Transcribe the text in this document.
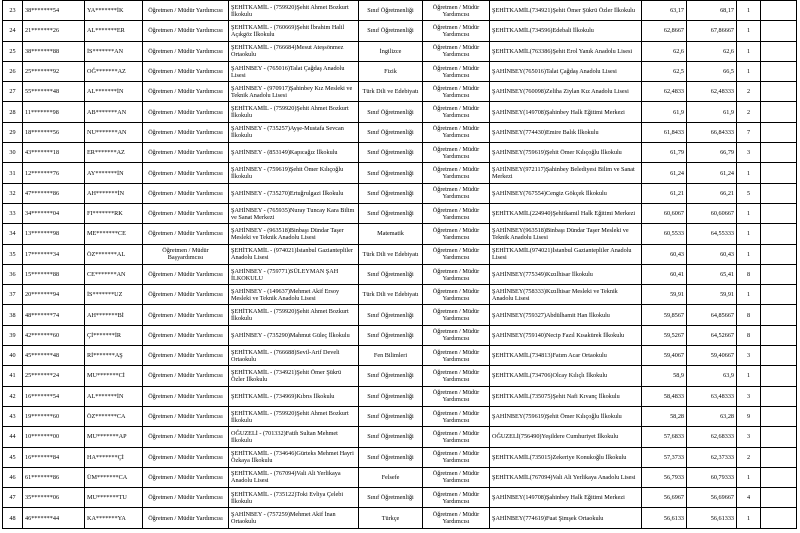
23	38*******54	YA*******İK	Öğretmen / Müdür Yardımcısı	ŞEHİTKAMİL - (759920)Şehit Ahmet Bozkurt İlkokulu	Sınıf Öğretmenliği	Öğretmen / Müdür Yardımcısı	ŞEHİTKAMİL(734921)Şehit Ömer Şükrü Özler İlkokulu	63,17	68,17	1	
24	21*******26	AL*******ER	Öğretmen / Müdür Yardımcısı	ŞEHİTKAMİL - (760669)Şehit İbrahim Halil Açıkgöz İlkokulu	Sınıf Öğretmenliği	Öğretmen / Müdür Yardımcısı	ŞEHİTKAMİL(734596)Edebali İlkokulu	62,8667	67,86667	1	
25	38*******88	İS*******AN	Öğretmen / Müdür Yardımcısı	ŞEHİTKAMİL - (766684)Mesut Ateşsönmez Ortaokulu	İngilizce	Öğretmen / Müdür Yardımcısı	ŞEHİTKAMİL(763386)Şehit Erol Yanık Anadolu Lisesi	62,6	62,6	1	
26	25*******92	OĞ*******AZ	Öğretmen / Müdür Yardımcısı	ŞAHİNBEY - (765016)Talat Çağdaş Anadolu Lisesi	Fizik	Öğretmen / Müdür Yardımcısı	ŞAHİNBEY(765016)Talat Çağdaş Anadolu Lisesi	62,5	66,5	1	
27	55*******48	AL*******İN	Öğretmen / Müdür Yardımcısı	ŞAHİNBEY - (970917)Şahinbey Kız Mesleki ve Teknik Anadolu Lisesi	Türk Dili ve Edebiyatı	Öğretmen / Müdür Yardımcısı	ŞAHİNBEY(760098)Zeliha Ziylan Kız Anadolu Lisesi	62,4833	62,48333	2	
28	11*******98	AB*******AN	Öğretmen / Müdür Yardımcısı	ŞEHİTKAMİL - (759920)Şehit Ahmet Bozkurt İlkokulu	Sınıf Öğretmenliği	Öğretmen / Müdür Yardımcısı	ŞAHİNBEY(149708)Şahinbey Halk Eğitimi Merkezi	61,9	61,9	2	
29	18*******56	NU*******AN	Öğretmen / Müdür Yardımcısı	ŞAHİNBEY - (735257)Ayşe-Mustafa Sevcan İlkokulu	Sınıf Öğretmenliği	Öğretmen / Müdür Yardımcısı	ŞAHİNBEY(774430)Emire Balık İlkokulu	61,8433	66,84333	7	
30	43*******18	ER*******AZ	Öğretmen / Müdür Yardımcısı	ŞAHİNBEY - (853149)Kapıcağız İlkokulu	Sınıf Öğretmenliği	Öğretmen / Müdür Yardımcısı	ŞAHİNBEY(759619)Şehit Ömer Kılıçoğlu İlkokulu	61,79	66,79	3	
31	12*******76	AY*******İN	Öğretmen / Müdür Yardımcısı	ŞAHİNBEY - (759619)Şehit Ömer Kılıçoğlu İlkokulu	Sınıf Öğretmenliği	Öğretmen / Müdür Yardımcısı	ŞAHİNBEY(972117)Şahinbey Belediyesi Bilim ve Sanat Merkezi	61,24	61,24	1	
32	47*******86	AH*******İN	Öğretmen / Müdür Yardımcısı	ŞAHİNBEY - (735270)Ertuğrulgazi İlkokulu	Sınıf Öğretmenliği	Öğretmen / Müdür Yardımcısı	ŞAHİNBEY(767554)Cengiz Gökçek İlkokulu	61,21	66,21	5	
33	34*******04	FI*******RK	Öğretmen / Müdür Yardımcısı	ŞAHİNBEY - (765935)Nuray Tuncay Kara Bilim ve Sanat Merkezi	Sınıf Öğretmenliği	Öğretmen / Müdür Yardımcısı	ŞEHİTKAMİL(224940)Şehitkamil Halk Eğitimi Merkezi	60,6067	60,60667	1	
34	13*******98	ME*******CE	Öğretmen / Müdür Yardımcısı	ŞAHİNBEY - (963518)Binbaşı Dündar Taşer Mesleki ve Teknik Anadolu Lisesi	Matematik	Öğretmen / Müdür Yardımcısı	ŞAHİNBEY(963518)Binbaşı Dündar Taşer Mesleki ve Teknik Anadolu Lisesi	60,5533	64,55333	1	
35	17*******34	ÖZ*******AL	Öğretmen / Müdür Başyardımcısı	ŞEHİTKAMİL - (974021)İstanbul Gaziantepliler Anadolu Lisesi	Türk Dili ve Edebiyatı	Öğretmen / Müdür Yardımcısı	ŞEHİTKAMİL(974021)İstanbul Gaziantepliler Anadolu Lisesi	60,43	60,43	1	
36	15*******88	CE*******AN	Öğretmen / Müdür Yardımcısı	ŞAHİNBEY - (759771)SÜLEYMAN ŞAH İLKOKULU	Sınıf Öğretmenliği	Öğretmen / Müdür Yardımcısı	ŞAHİNBEY(775349)Kızılhisar İlkokulu	60,41	65,41	8	
37	20*******94	İS*******UZ	Öğretmen / Müdür Yardımcısı	ŞAHİNBEY - (149637)Mehmet Akif Ersoy Mesleki ve Teknik Anadolu Lisesi	Türk Dili ve Edebiyatı	Öğretmen / Müdür Yardımcısı	ŞAHİNBEY(758333)Kızılhisar Mesleki ve Teknik Anadolu Lisesi	59,91	59,91	1	
38	48*******74	AH*******Bİ	Öğretmen / Müdür Yardımcısı	ŞEHİTKAMİL - (759920)Şehit Ahmet Bozkurt İlkokulu	Sınıf Öğretmenliği	Öğretmen / Müdür Yardımcısı	ŞAHİNBEY(759327)Abdülhamit Han İlkokulu	59,8567	64,85667	8	
39	42*******60	Çİ*******İR	Öğretmen / Müdür Yardımcısı	ŞAHİNBEY - (735290)Mahmut Güleç İlkokulu	Sınıf Öğretmenliği	Öğretmen / Müdür Yardımcısı	ŞAHİNBEY(759140)Necip Fazıl Kısakürek İlkokulu	59,5267	64,52667	8	
40	45*******48	Rİ*******AŞ	Öğretmen / Müdür Yardımcısı	ŞEHİTKAMİL - (766688)Sevil-Arif Develi Ortaokulu	Fen Bilimleri	Öğretmen / Müdür Yardımcısı	ŞEHİTKAMİL(734813)Fatım Acar Ortaokulu	59,4067	59,40667	3	
41	25*******24	MU*******Cİ	Öğretmen / Müdür Yardımcısı	ŞEHİTKAMİL - (734921)Şehit Ömer Şükrü Özler İlkokulu	Sınıf Öğretmenliği	Öğretmen / Müdür Yardımcısı	ŞEHİTKAMİL(734706)Olcay Kılıçlı İlkokulu	58,9	63,9	1	
42	16*******54	AL*******İN	Öğretmen / Müdür Yardımcısı	ŞEHİTKAMİL - (734969)Kıbrıs İlkokulu	Sınıf Öğretmenliği	Öğretmen / Müdür Yardımcısı	ŞEHİTKAMİL(735075)Şehit Nafi Kıvanç İlkokulu	58,4833	63,48333	3	
43	19*******60	ÖZ*******CA	Öğretmen / Müdür Yardımcısı	ŞEHİTKAMİL - (759920)Şehit Ahmet Bozkurt İlkokulu	Sınıf Öğretmenliği	Öğretmen / Müdür Yardımcısı	ŞAHİNBEY(759619)Şehit Ömer Kılıçoğlu İlkokulu	58,28	63,28	9	
44	10*******00	MU*******AP	Öğretmen / Müdür Yardımcısı	OĞUZELİ - (701332)Fatih Sultan Mehmet İlkokulu	Sınıf Öğretmenliği	Öğretmen / Müdür Yardımcısı	OĞUZELİ(756490)Yeşildere Cumhuriyet İlkokulu	57,6833	62,68333	3	
45	16*******84	HA*******Çİ	Öğretmen / Müdür Yardımcısı	ŞEHİTKAMİL - (734646)Gürteks Mehmet Hayri Özkaya İlkokulu	Sınıf Öğretmenliği	Öğretmen / Müdür Yardımcısı	ŞEHİTKAMİL(735015)Zekeriye Konukoğlu İlkokulu	57,3733	62,37333	2	
46	61*******86	ÜM*******CA	Öğretmen / Müdür Yardımcısı	ŞEHİTKAMİL - (767094)Vali Ali Yerlikaya Anadolu Lisesi	Felsefe	Öğretmen / Müdür Yardımcısı	ŞEHİTKAMİL(767094)Vali Ali Yerlikaya Anadolu Lisesi	56,7933	60,79333	1	
47	35*******06	MU*******TU	Öğretmen / Müdür Yardımcısı	ŞEHİTKAMİL - (735122)Toki Evliya Çelebi İlkokulu	Sınıf Öğretmenliği	Öğretmen / Müdür Yardımcısı	ŞAHİNBEY(149708)Şahinbey Halk Eğitimi Merkezi	56,6967	56,69667	4	
48	46*******44	KA*******YA	Öğretmen / Müdür Yardımcısı	ŞAHİNBEY - (757259)Mehmet Akif İnan Ortaokulu	Türkçe	Öğretmen / Müdür Yardımcısı	ŞAHİNBEY(774619)Fuat Şimşek Ortaokulu	56,6133	56,61333	1	
